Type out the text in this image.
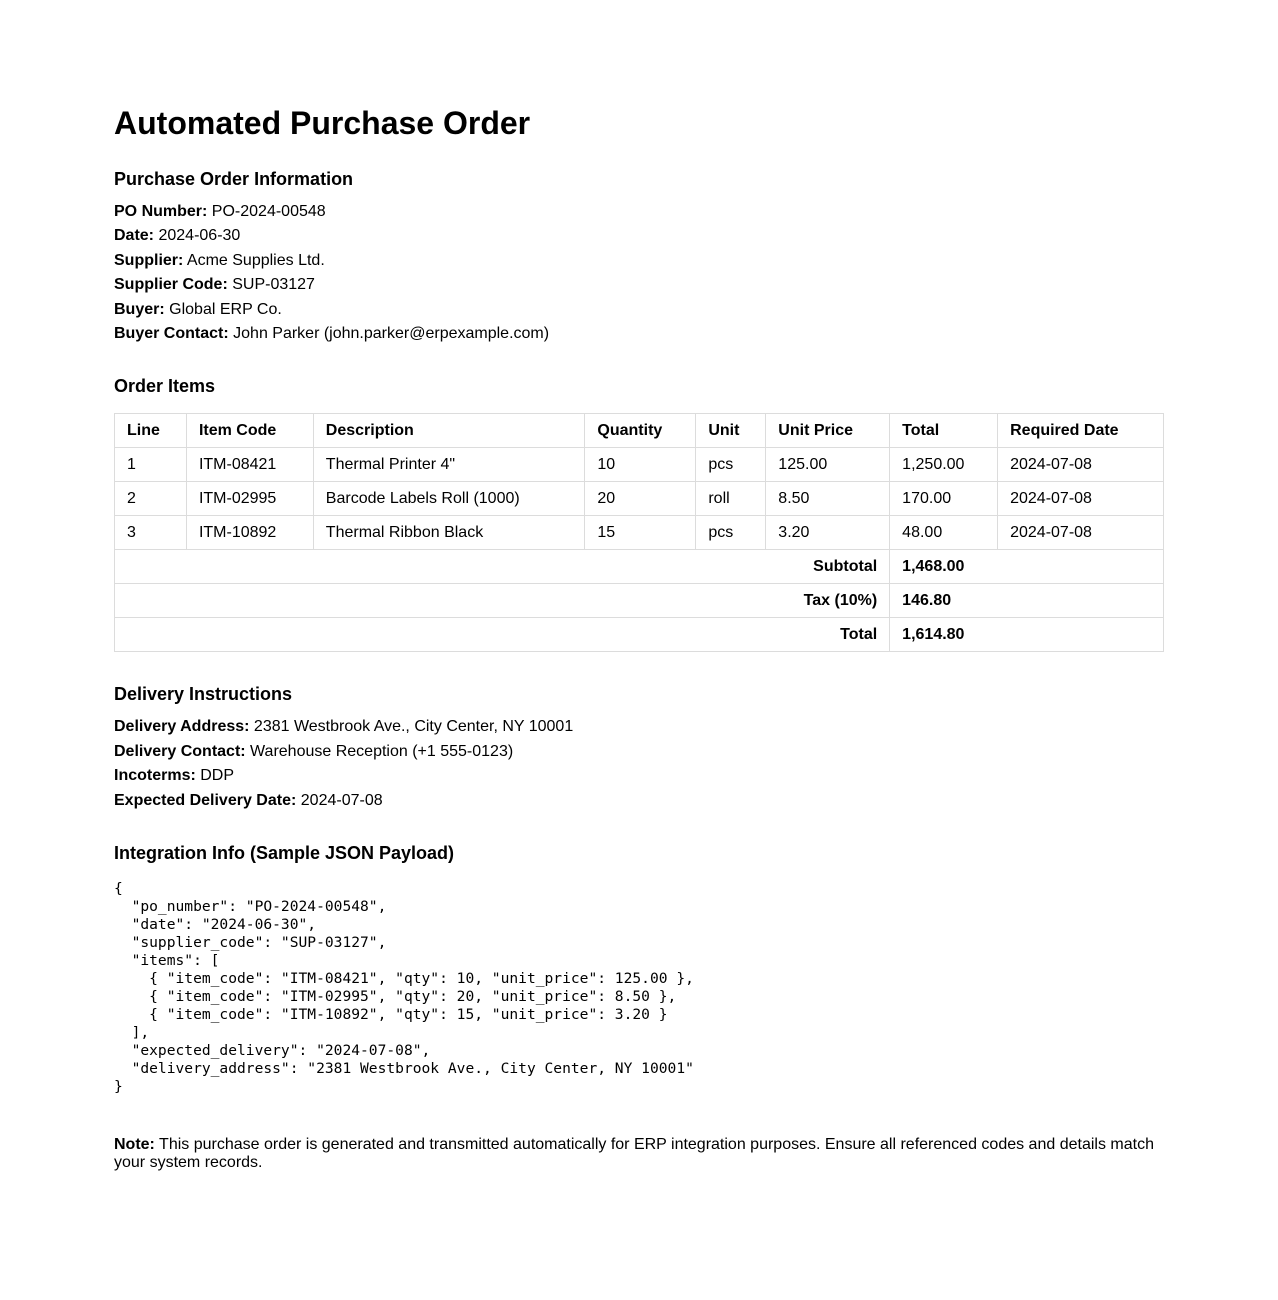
Automated Purchase Order
Purchase Order Information
PO Number: PO-2024-00548
Date: 2024-06-30
Supplier: Acme Supplies Ltd.
Supplier Code: SUP-03127
Buyer: Global ERP Co.
Buyer Contact: John Parker (john.parker@erpexample.com)
Order Items
Line	Item Code	Description	Quantity	Unit	Unit Price	Total	Required Date
1	ITM-08421	Thermal Printer 4"	10	pcs	125.00	1,250.00	2024-07-08
2	ITM-02995	Barcode Labels Roll (1000)	20	roll	8.50	170.00	2024-07-08
3	ITM-10892	Thermal Ribbon Black	15	pcs	3.20	48.00	2024-07-08
Subtotal						1,468.00	
Tax (10%)						146.80	
Total						1,614.80	
Delivery Instructions
Delivery Address: 2381 Westbrook Ave., City Center, NY 10001
Delivery Contact: Warehouse Reception (+1 555-0123)
Incoterms: DDP
Expected Delivery Date: 2024-07-08
Integration Info (Sample JSON Payload)
{
"po_number": "PO-2024-00548",
"date": "2024-06-30",
"supplier_code": "SUP-03127",
"items": [
{ "item_code": "ITM-08421", "qty": 10, "unit_price": 125.00 },
{ "item_code": "ITM-02995", "qty": 20, "unit_price": 8.50 },
{ "item_code": "ITM-10892", "qty": 15, "unit_price": 3.20 }
],
"expected_delivery": "2024-07-08",
"delivery_address": "2381 Westbrook Ave., City Center, NY 10001"
}
Note: This purchase order is generated and transmitted automatically for ERP integration purposes. Ensure all referenced codes and details match your system records.
